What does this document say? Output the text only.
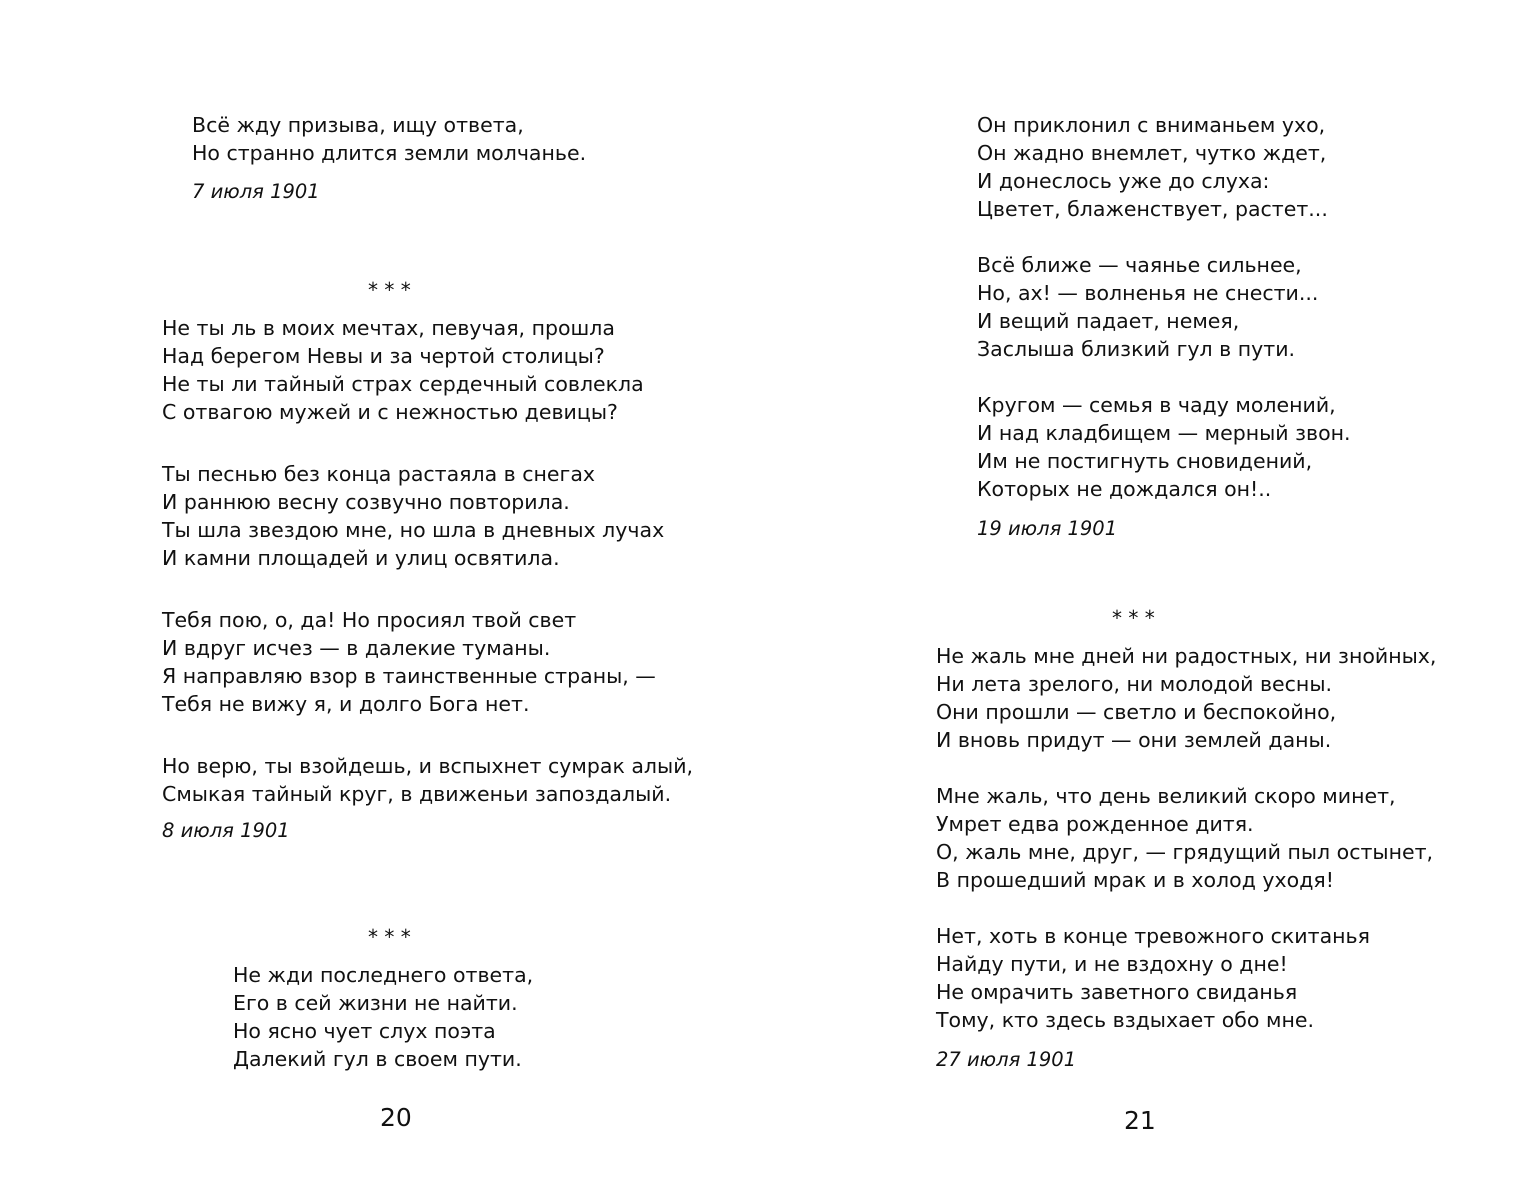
Всё жду призыва, ищу ответа,
Но странно длится земли молчанье.
7 июля 1901
* * *
Не ты ль в моих мечтах, певучая, прошла
Над берегом Невы и за чертой столицы?
Не ты ли тайный страх сердечный совлекла
С отвагою мужей и с нежностью девицы?
Ты песнью без конца растаяла в снегах
И раннюю весну созвучно повторила.
Ты шла звездою мне, но шла в дневных лучах
И камни площадей и улиц освятила.
Тебя пою, о, да! Но просиял твой свет
И вдруг исчез — в далекие туманы.
Я направляю взор в таинственные страны, —
Тебя не вижу я, и долго Бога нет.
Но верю, ты взойдешь, и вспыхнет сумрак алый,
Смыкая тайный круг, в движеньи запоздалый.
8 июля 1901
* * *
Не жди последнего ответа,
Его в сей жизни не найти.
Но ясно чует слух поэта
Далекий гул в своем пути.
20
Он приклонил с вниманьем ухо,
Он жадно внемлет, чутко ждет,
И донеслось уже до слуха:
Цветет, блаженствует, растет...
Всё ближе — чаянье сильнее,
Но, ах! — волненья не снести...
И вещий падает, немея,
Заслыша близкий гул в пути.
Кругом — семья в чаду молений,
И над кладбищем — мерный звон.
Им не постигнуть сновидений,
Которых не дождался он!..
19 июля 1901
* * *
Не жаль мне дней ни радостных, ни знойных,
Ни лета зрелого, ни молодой весны.
Они прошли — светло и беспокойно,
И вновь придут — они землей даны.
Мне жаль, что день великий скоро минет,
Умрет едва рожденное дитя.
О, жаль мне, друг, — грядущий пыл остынет,
В прошедший мрак и в холод уходя!
Нет, хоть в конце тревожного скитанья
Найду пути, и не вздохну о дне!
Не омрачить заветного свиданья
Тому, кто здесь вздыхает обо мне.
27 июля 1901
21
